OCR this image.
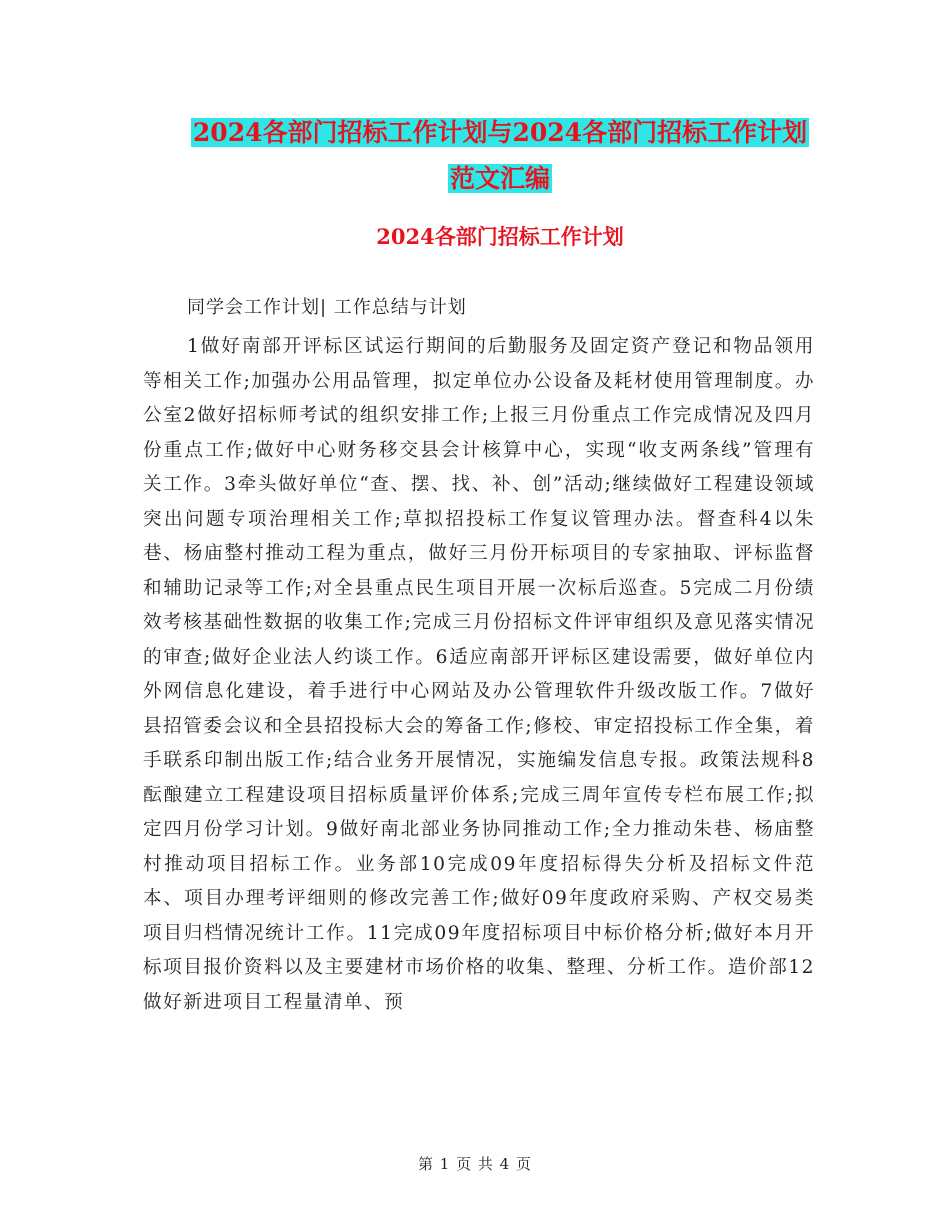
2024各部门招标工作计划与2024各部门招标工作计划
范文汇编
2024各部门招标工作计划
同学会工作计划| 工作总结与计划

1做好南部开评标区试运行期间的后勤服务及固定资产登记和物品领用等相关工作;加强办公用品管理，拟定单位办公设备及耗材使用管理制度。办公室2做好招标师考试的组织安排工作;上报三月份重点工作完成情况及四月份重点工作;做好中心财务移交县会计核算中心，实现“收支两条线”管理有关工作。3牵头做好单位“查、摆、找、补、创”活动;继续做好工程建设领域突出问题专项治理相关工作;草拟招投标工作复议管理办法。督查科4以朱巷、杨庙整村推动工程为重点，做好三月份开标项目的专家抽取、评标监督和辅助记录等工作;对全县重点民生项目开展一次标后巡查。5完成二月份绩效考核基础性数据的收集工作;完成三月份招标文件评审组织及意见落实情况的审查;做好企业法人约谈工作。6适应南部开评标区建设需要，做好单位内外网信息化建设，着手进行中心网站及办公管理软件升级改版工作。7做好县招管委会议和全县招投标大会的筹备工作;修校、审定招投标工作全集，着手联系印制出版工作;结合业务开展情况，实施编发信息专报。政策法规科8酝酿建立工程建设项目招标质量评价体系;完成三周年宣传专栏布展工作;拟定四月份学习计划。9做好南北部业务协同推动工作;全力推动朱巷、杨庙整村推动项目招标工作。业务部10完成09年度招标得失分析及招标文件范本、项目办理考评细则的修改完善工作;做好09年度政府采购、产权交易类项目归档情况统计工作。11完成09年度招标项目中标价格分析;做好本月开标项目报价资料以及主要建材市场价格的收集、整理、分析工作。造价部12做好新进项目工程量清单、预

第 1 页 共 4 页
